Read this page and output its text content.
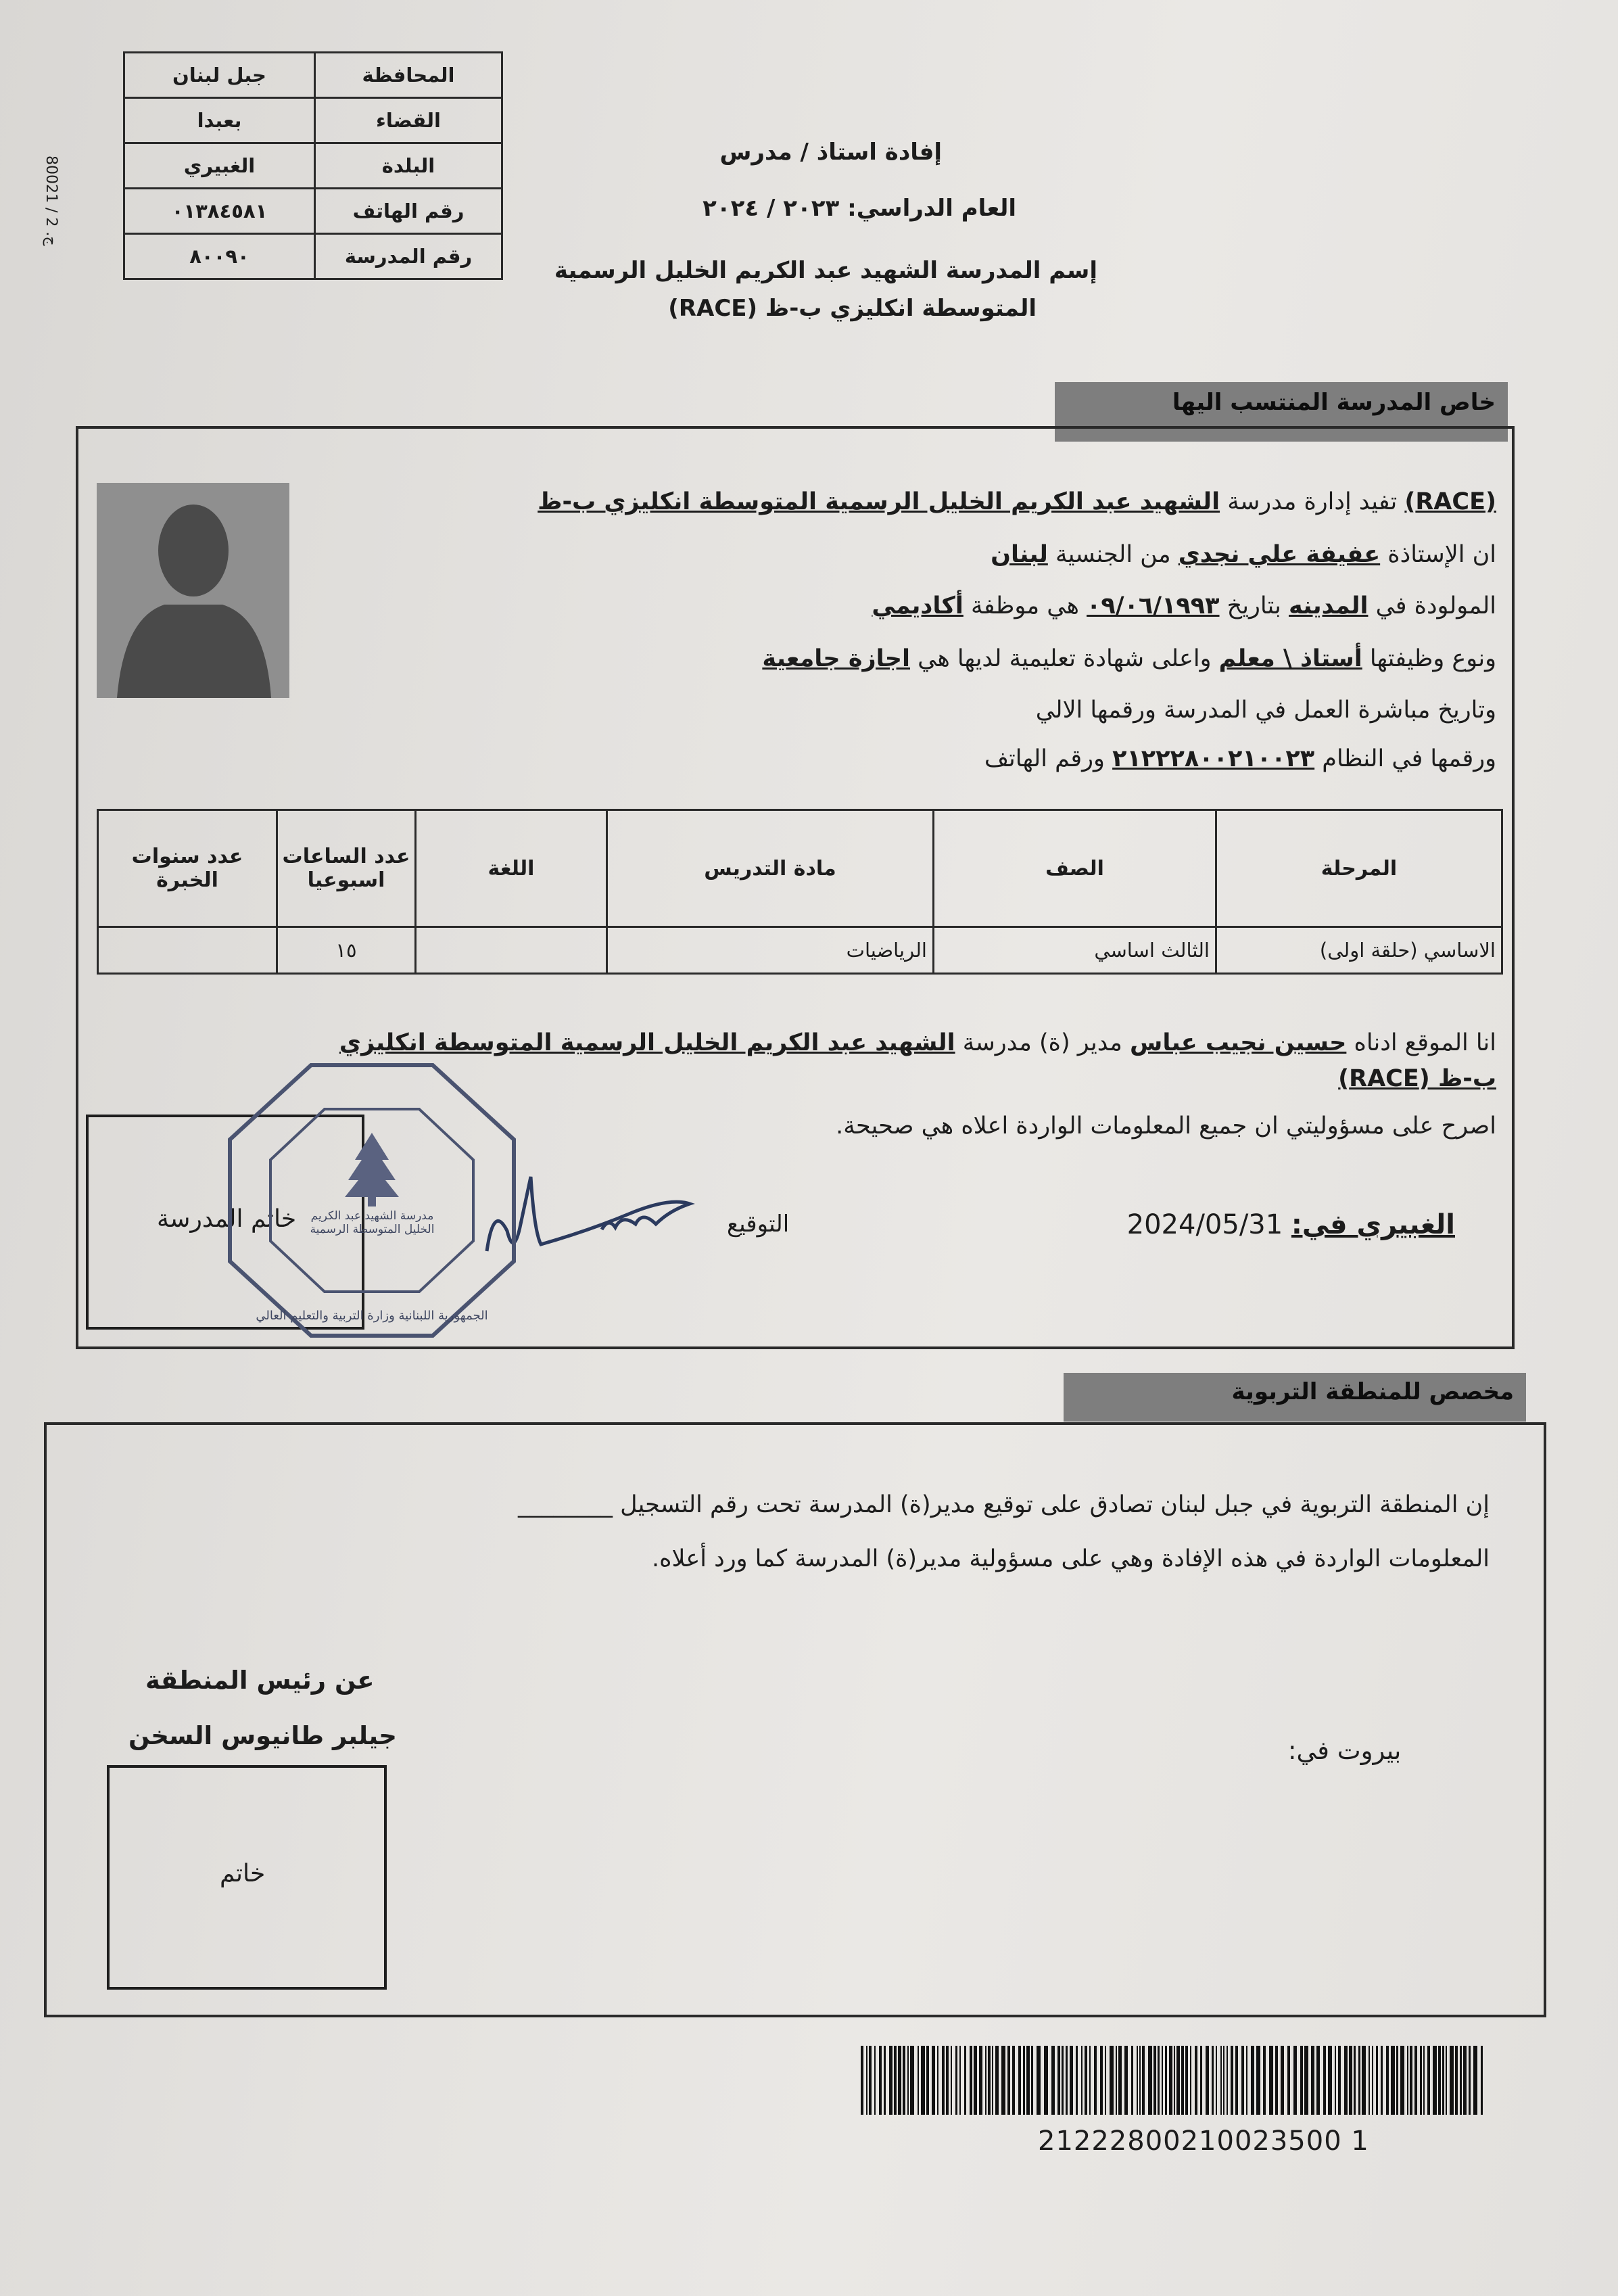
80021 / 2 .ج
المحافظة	جبل لبنان
القضاء	بعبدا
البلدة	الغبيري
رقم الهاتف	٠١٣٨٤٥٨١
رقم المدرسة	٨٠٠٩٠
إفادة استاذ / مدرس
العام الدراسي: ٢٠٢٣ / ٢٠٢٤
إسم المدرسة الشهيد عبد الكريم الخليل الرسمية
المتوسطة انكليزي ب-ظ (RACE)
خاص المدرسة المنتسب اليها
(RACE) تفيد إدارة مدرسة الشهيد عبد الكريم الخليل الرسمية المتوسطة انكليزي ب-ظ
ان الإستاذة عفيفة علي نجدي من الجنسية لبنان
المولودة في المدينه بتاريخ ٠٩/٠٦/١٩٩٣ هي موظفة أكاديمي
ونوع وظيفتها أستاذ \ معلم واعلى شهادة تعليمية لديها هي اجازة جامعية
وتاريخ مباشرة العمل في المدرسة ورقمها الالي
ورقمها في النظام ٢١٢٢٢٨٠٠٢١٠٠٢٣ ورقم الهاتف
المرحلة	الصف	مادة التدريس	اللغة	عدد الساعات اسبوعيا	عدد سنوات الخبرة
الاساسي (حلقة اولى)	الثالث اساسي	الرياضيات		١٥	
انا الموقع ادناه حسين نجيب عباس مدير (ة) مدرسة الشهيد عبد الكريم الخليل الرسمية المتوسطة انكليزي
ب-ظ (RACE)
اصرح على مسؤوليتي ان جميع المعلومات الواردة اعلاه هي صحيحة.
الغبيري في: 2024/05/31
التوقيع
خاتم المدرسة	مدرسة الشهيد عبد الكريم الخليل المتوسطة الرسمية
الجمهورية اللبنانية وزارة التربية والتعليم العالي
مخصص للمنطقة التربوية
إن المنطقة التربوية في جبل لبنان تصادق على توقيع مدير(ة) المدرسة تحت رقم التسجيل ________
المعلومات الواردة في هذه الإفادة وهي على مسؤولية مدير(ة) المدرسة كما ورد أعلاه.
عن رئيس المنطقة
جيلبر طانيوس السخن
بيروت في:
خاتم
21222800210023500 1
